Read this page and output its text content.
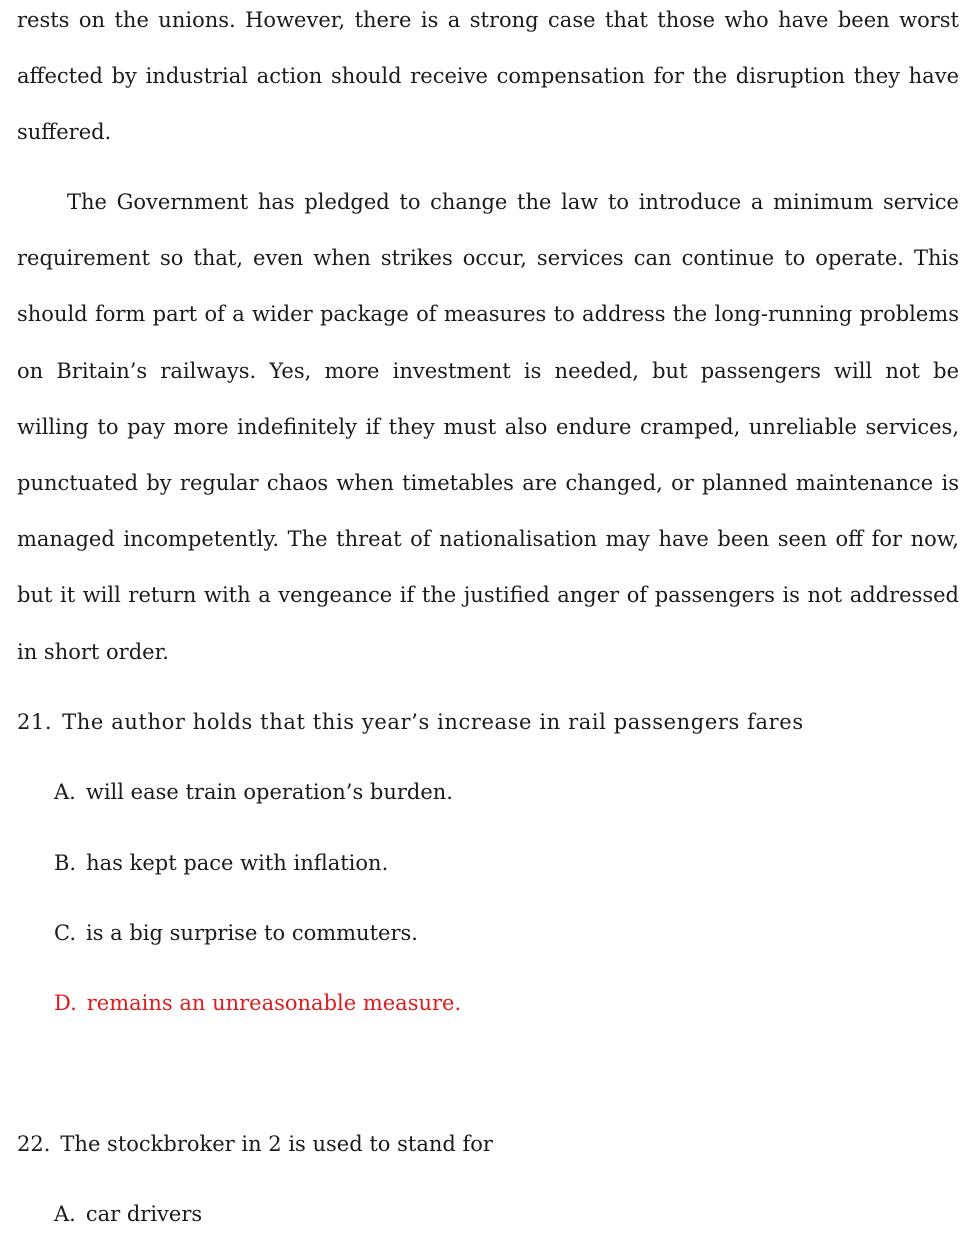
rests on the unions. However, there is a strong case that those who have been worst affected by industrial action should receive compensation for the disruption they have suffered.

The Government has pledged to change the law to introduce a minimum service requirement so that, even when strikes occur, services can continue to operate. This should form part of a wider package of measures to address the long-running problems on Britain’s railways. Yes, more investment is needed, but passengers will not be willing to pay more indefinitely if they must also endure cramped, unreliable services, punctuated by regular chaos when timetables are changed, or planned maintenance is managed incompetently. The threat of nationalisation may have been seen off for now, but it will return with a vengeance if the justified anger of passengers is not addressed in short order.

21. The author holds that this year’s increase in rail passengers fares

A. will ease train operation’s burden.

B. has kept pace with inflation.

C. is a big surprise to commuters.

D. remains an unreasonable measure.

22. The stockbroker in 2 is used to stand for

A. car drivers
